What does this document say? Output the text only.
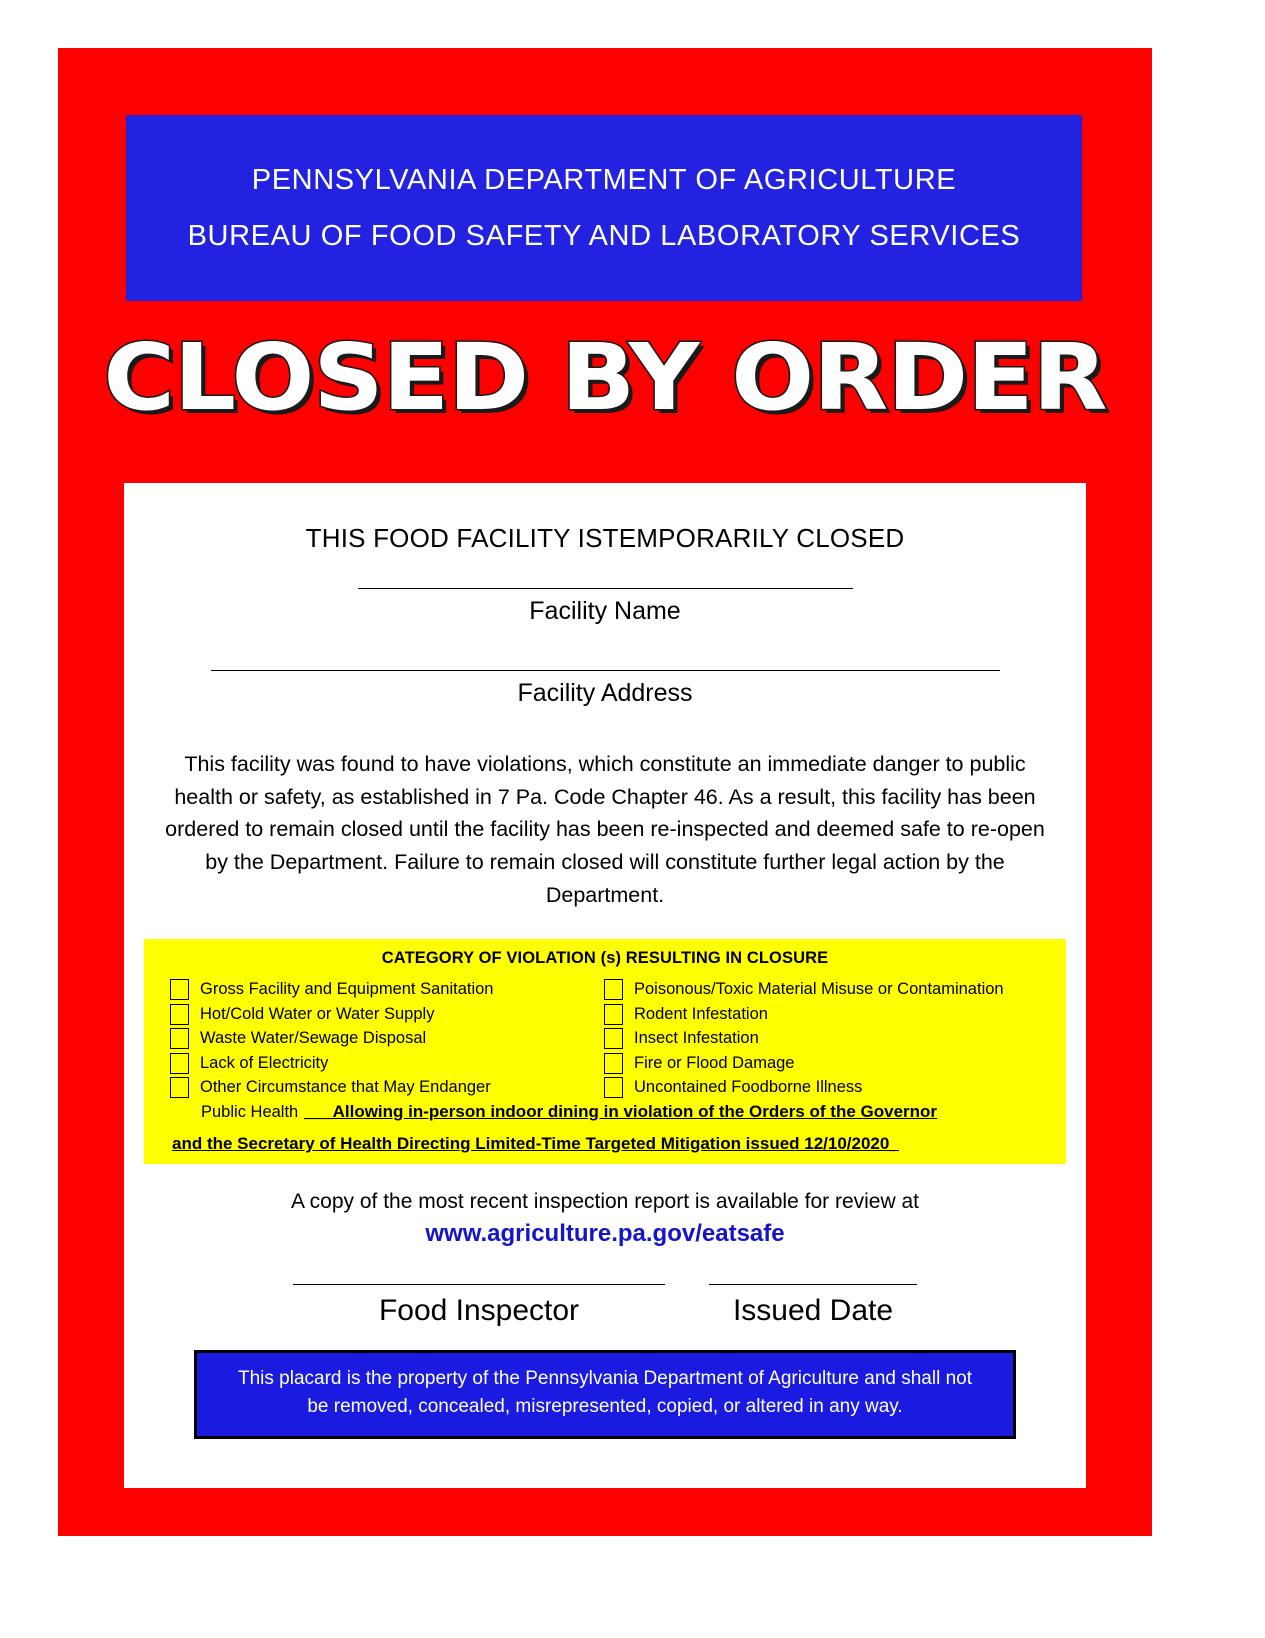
PENNSYLVANIA DEPARTMENT OF AGRICULTURE
BUREAU OF FOOD SAFETY AND LABORATORY SERVICES
CLOSED BY ORDER
THIS FOOD FACILITY ISTEMPORARILY CLOSED
Facility Name
Facility Address
This facility was found to have violations, which constitute an immediate danger to public health or safety, as established in 7 Pa. Code Chapter 46. As a result, this facility has been ordered to remain closed until the facility has been re-inspected and deemed safe to re-open by the Department. Failure to remain closed will constitute further legal action by the Department.
CATEGORY OF VIOLATION (s) RESULTING IN CLOSURE
Gross Facility and Equipment Sanitation
Hot/Cold Water or Water Supply
Waste Water/Sewage Disposal
Lack of Electricity
Other Circumstance that May Endanger
Poisonous/Toxic Material Misuse or Contamination
Rodent Infestation
Insect Infestation
Fire or Flood Damage
Uncontained Foodborne Illness
Public Health ___Allowing in-person indoor dining in violation of the Orders of the Governor
and the Secretary of Health Directing Limited-Time Targeted Mitigation issued 12/10/2020_
A copy of the most recent inspection report is available for review at
www.agriculture.pa.gov/eatsafe
Food Inspector	Issued Date
This placard is the property of the Pennsylvania Department of Agriculture and shall not
be removed, concealed, misrepresented, copied, or altered in any way.
